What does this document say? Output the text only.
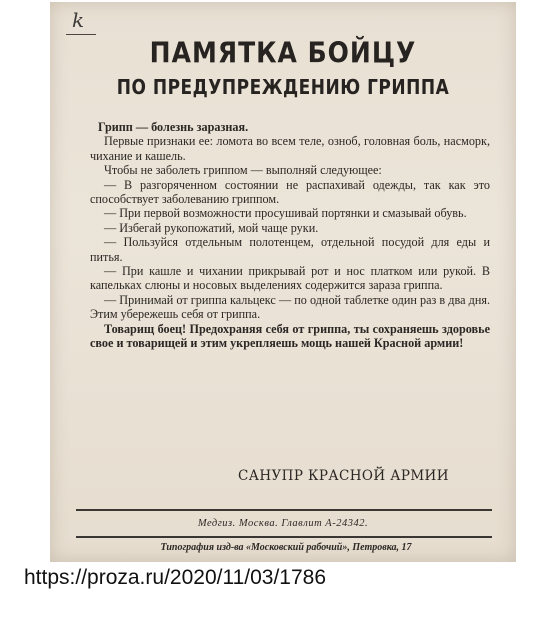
k
ПАМЯТКА БОЙЦУ
ПО ПРЕДУПРЕЖДЕНИЮ ГРИППА

Грипп — болезнь заразная.

Первые признаки ее: ломота во всем теле, озноб, головная боль, насморк, чихание и кашель.

Чтобы не заболеть гриппом — выполняй следующее:

— В разгоряченном состоянии не распахивай одежды, так как это способствует заболеванию гриппом.

— При первой возможности просушивай портянки и смазывай обувь.

— Избегай рукопожатий, мой чаще руки.

— Пользуйся отдельным полотенцем, отдельной посудой для еды и питья.

— При кашле и чихании прикрывай рот и нос платком или рукой. В капельках слюны и носовых выделениях содержится зараза гриппа.

— Принимай от гриппа кальцекс — по одной таблетке один раз в два дня. Этим убережешь себя от гриппа.

Товарищ боец! Предохраняя себя от гриппа, ты сохраняешь здоровье свое и товарищей и этим укрепляешь мощь нашей Красной армии!

САНУПР КРАСНОЙ АРМИИ
Медгиз. Москва. Главлит А-24342.
Типография изд-ва «Московский рабочий», Петровка, 17
https://proza.ru/2020/11/03/1786
